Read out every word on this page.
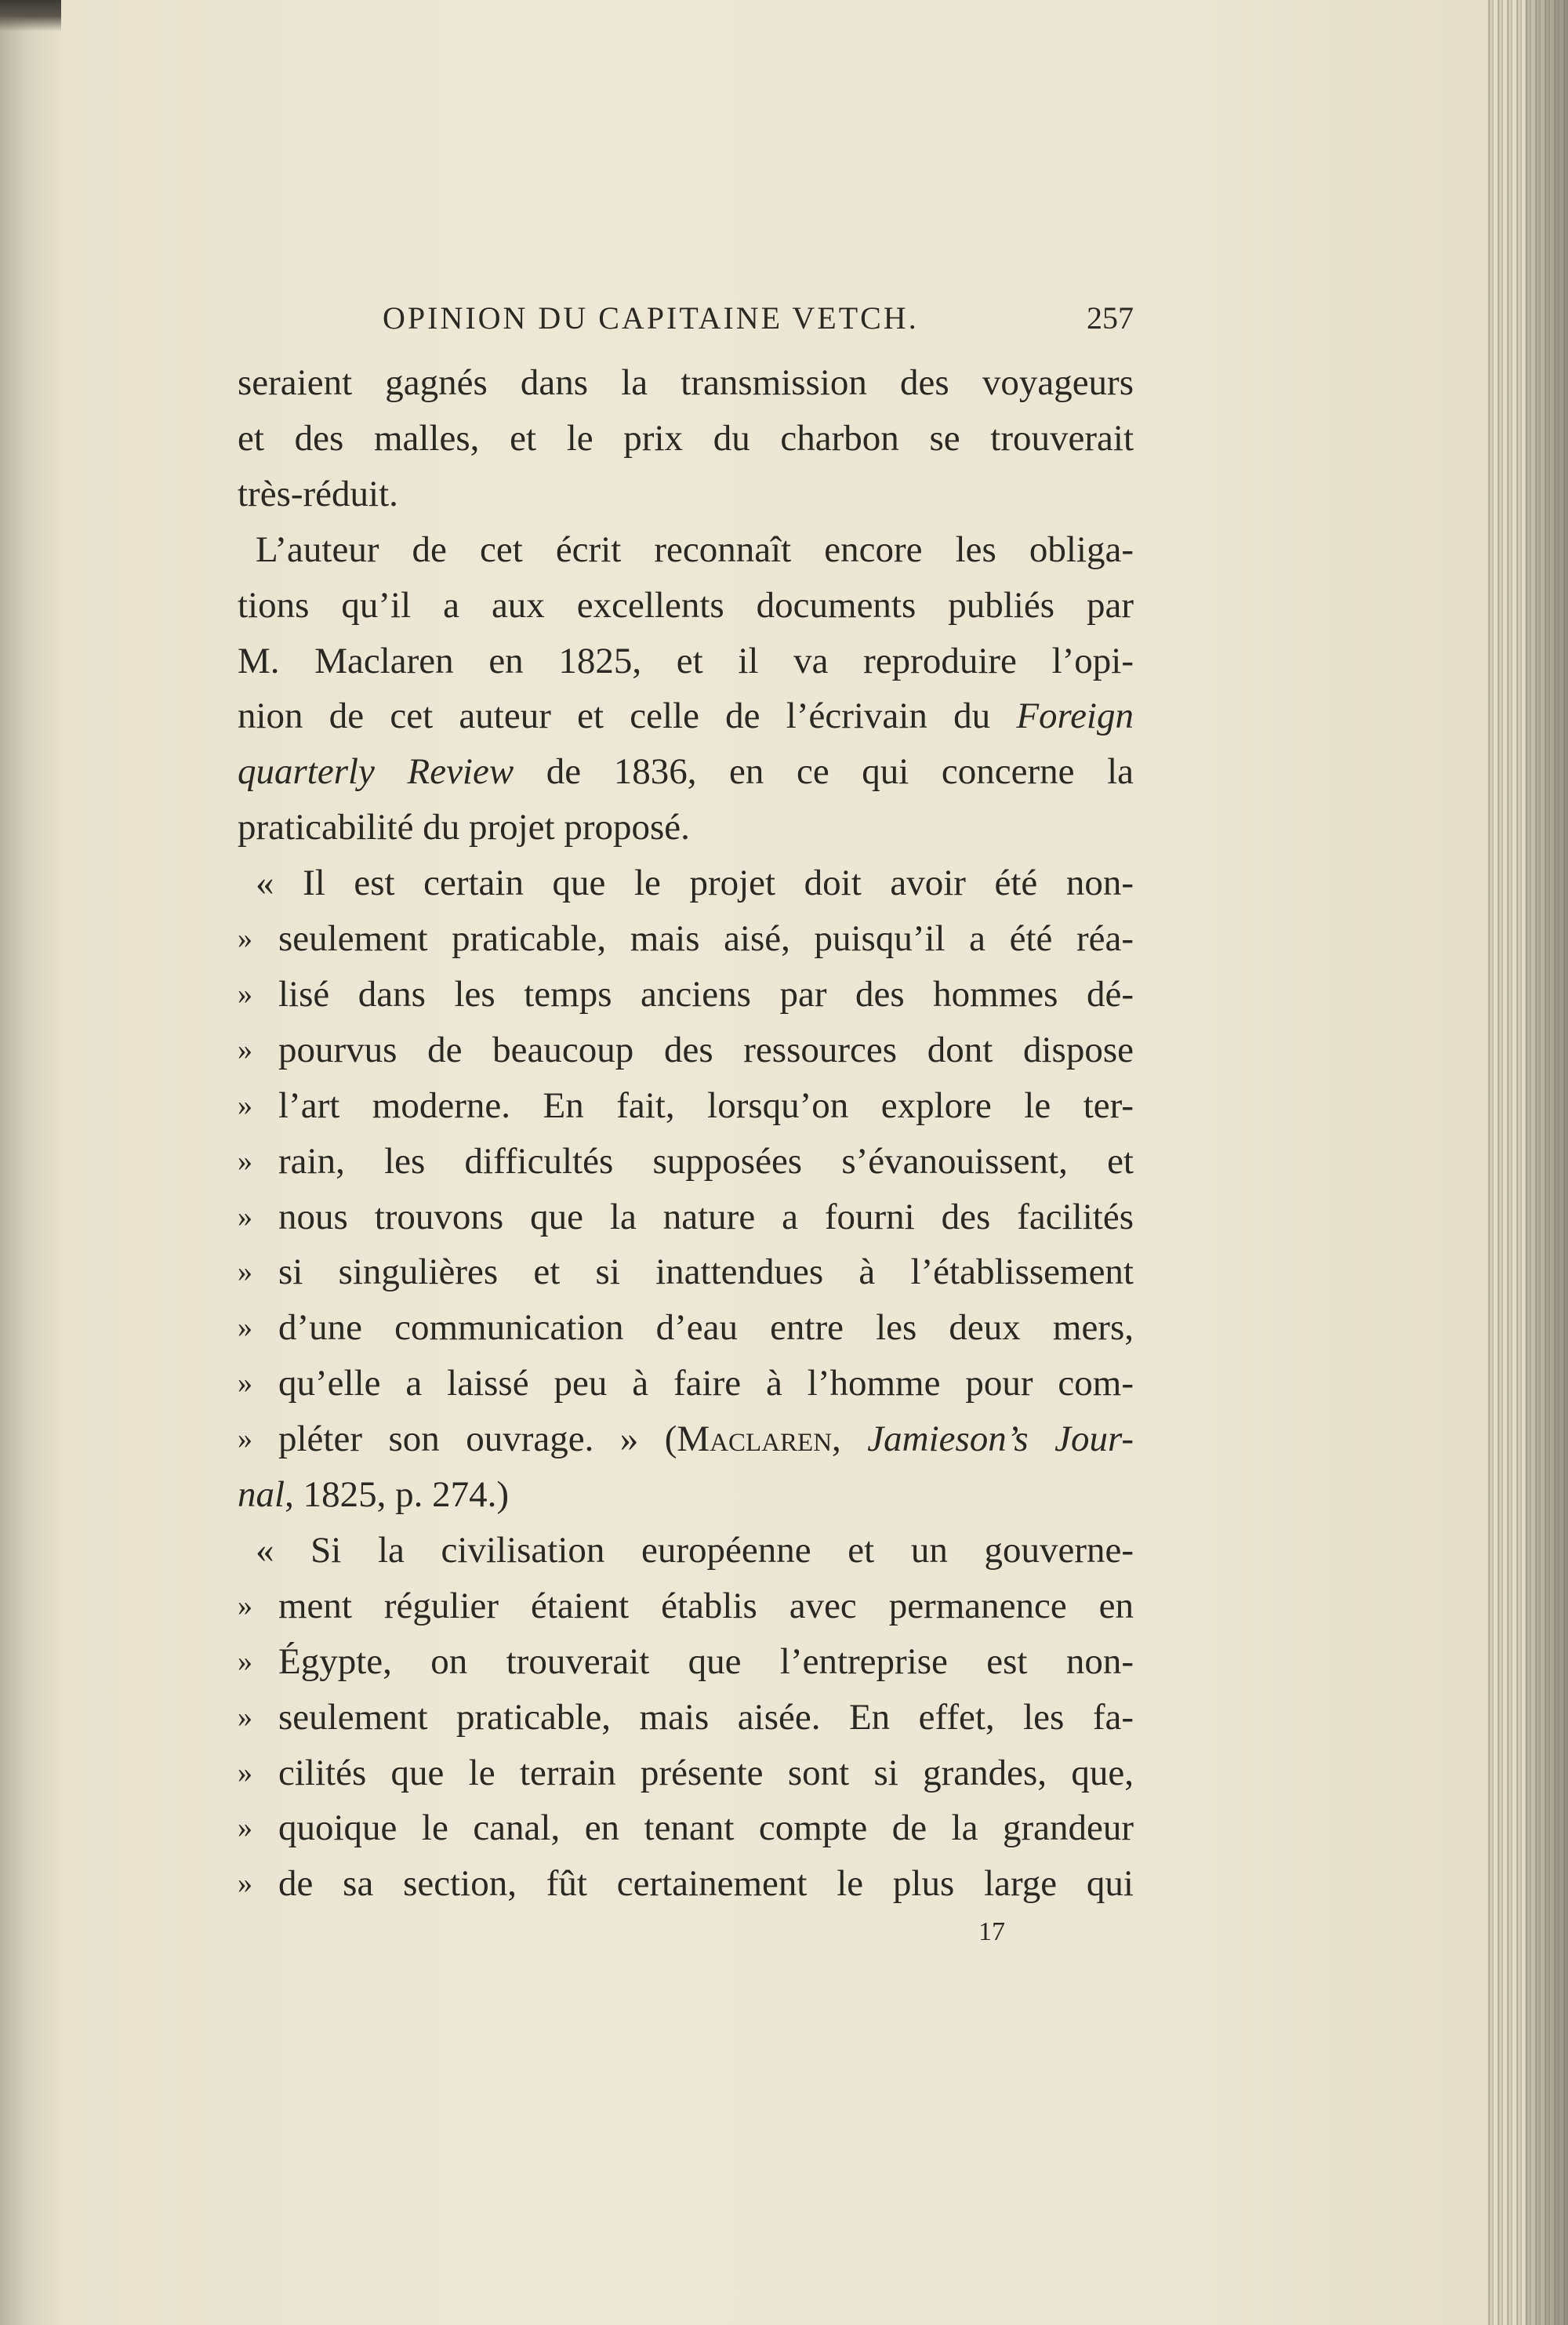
OPINION DU CAPITAINE VETCH.	257
seraient gagnés dans la transmission des voyageurs
et des malles, et le prix du charbon se trouverait
très-réduit.
L’auteur de cet écrit reconnaît encore les obliga-
tions qu’il a aux excellents documents publiés par
M. Maclaren en 1825, et il va reproduire l’opi-
nion de cet auteur et celle de l’écrivain du Foreign
quarterly Review de 1836, en ce qui concerne la
praticabilité du projet proposé.
« Il est certain que le projet doit avoir été non-
» seulement praticable, mais aisé, puisqu’il a été réa-
» lisé dans les temps anciens par des hommes dé-
» pourvus de beaucoup des ressources dont dispose
» l’art moderne. En fait, lorsqu’on explore le ter-
» rain, les difficultés supposées s’évanouissent, et
» nous trouvons que la nature a fourni des facilités
» si singulières et si inattendues à l’établissement
» d’une communication d’eau entre les deux mers,
» qu’elle a laissé peu à faire à l’homme pour com-
» pléter son ouvrage. » (Maclaren, Jamieson’s Jour-
nal, 1825, p. 274.)
« Si la civilisation européenne et un gouverne-
» ment régulier étaient établis avec permanence en
» Égypte, on trouverait que l’entreprise est non-
» seulement praticable, mais aisée. En effet, les fa-
» cilités que le terrain présente sont si grandes, que,
» quoique le canal, en tenant compte de la grandeur
» de sa section, fût certainement le plus large qui
17
